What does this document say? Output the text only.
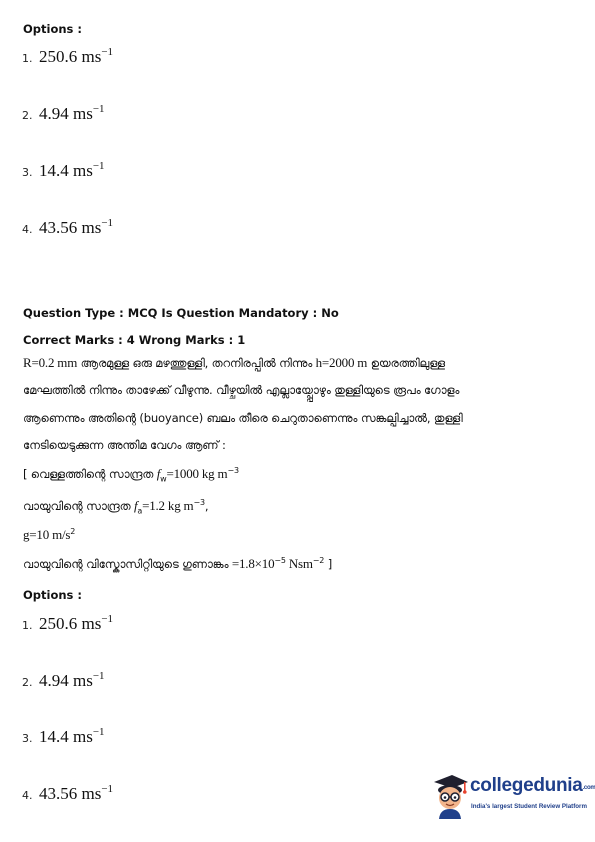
Options :
1. 250.6 $ms^{-1}$
2. 4.94 $ms^{-1}$
3. 14.4 $ms^{-1}$
4. 43.56 $ms^{-1}$
Question Type : MCQ Is Question Mandatory : No
Correct Marks : 4 Wrong Marks : 1
R=0.2 mm ആരമുള്ള ഒരു മഴത്തുള്ളി, തറനിരപ്പിൽ നിന്നും h=2000 m ഉയരത്തിലുള്ള
മേഘത്തിൽ നിന്നും താഴേക്ക് വീഴുന്നു. വീഴ്ചയിൽ എല്ലായ്പ്പോഴും തുള്ളിയുടെ രൂപം ഗോളം
ആണെന്നും അതിന്റെ (buoyance) ബലം തീരെ ചെറുതാണെന്നും സങ്കല്പിച്ചാൽ, തുള്ളി
നേടിയെടുക്കുന്ന അന്തിമ വേഗം ആണ് :
[ വെള്ളത്തിന്റെ സാന്ദ്രത $f_w=1000$ kg $m^{-3}$
വായുവിന്റെ സാന്ദ്രത $f_a=1.2$ kg $m^{-3}$,
g=10 $m/s^2$
വായുവിന്റെ വിസ്കോസിറ്റിയുടെ ഗുണാങ്കം $=1.8\times 10^{-5}$ Nsm$^{-2}$ ]
Options :
1. 250.6 $ms^{-1}$
2. 4.94 $ms^{-1}$
3. 14.4 $ms^{-1}$
4. 43.56 $ms^{-1}$	collegedunia.com
India's largest Student Review Platform
